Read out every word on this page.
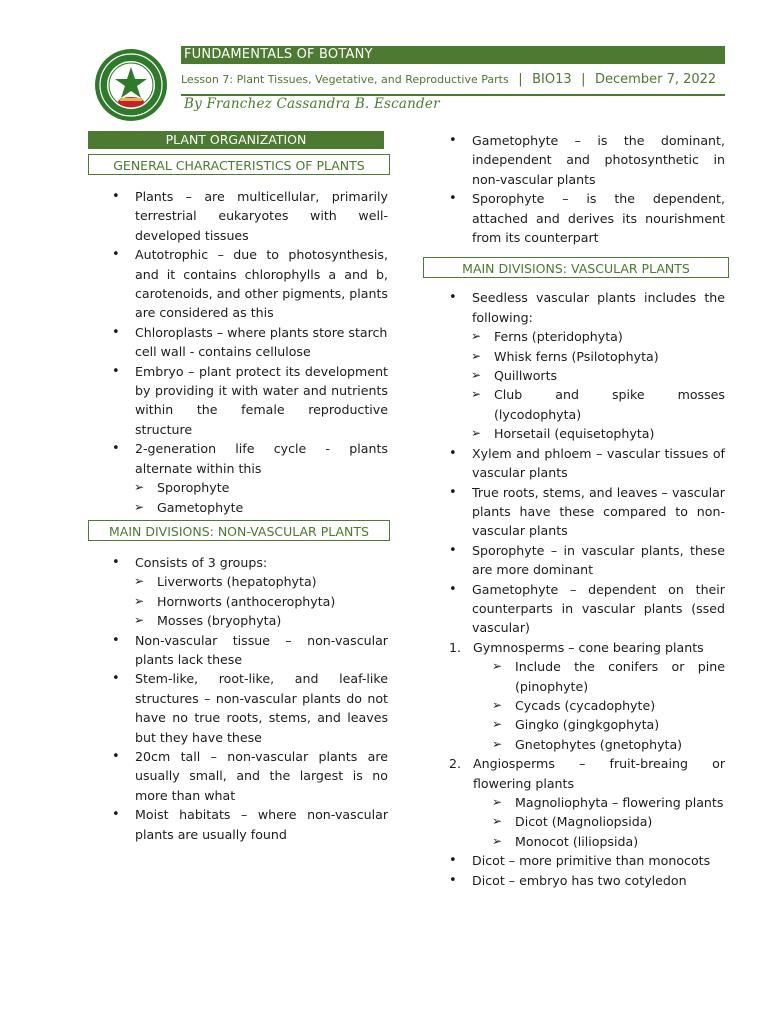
FUNDAMENTALS OF BOTANY
Lesson 7: Plant Tissues, Vegetative, and Reproductive Parts | BIO13 | December 7, 2022
By Franchez Cassandra B. Escander
PLANT ORGANIZATION
GENERAL CHARACTERISTICS OF PLANTS
• Plants – are multicellular, primarily terrestrial eukaryotes with well-developed tissues
• Autotrophic – due to photosynthesis, and it contains chlorophylls a and b, carotenoids, and other pigments, plants are considered as this
• Chloroplasts – where plants store starch
cell wall - contains cellulose
• Embryo – plant protect its development by providing it with water and nutrients within the female reproductive structure
• 2-generation life cycle - plants alternate within this
➢ Sporophyte
➢ Gametophyte
MAIN DIVISIONS: NON-VASCULAR PLANTS
• Consists of 3 groups:
➢ Liverworts (hepatophyta)
➢ Hornworts (anthocerophyta)
➢ Mosses (bryophyta)
• Non-vascular tissue – non-vascular plants lack these
• Stem-like, root-like, and leaf-like structures – non-vascular plants do not have no true roots, stems, and leaves but they have these
• 20cm tall – non-vascular plants are usually small, and the largest is no more than what
• Moist habitats – where non-vascular plants are usually found
• Gametophyte – is the dominant, independent and photosynthetic in non-vascular plants
• Sporophyte – is the dependent, attached and derives its nourishment from its counterpart
MAIN DIVISIONS: VASCULAR PLANTS
• Seedless vascular plants includes the following:
➢ Ferns (pteridophyta)
➢ Whisk ferns (Psilotophyta)
➢ Quillworts
➢ Club and spike mosses (lycodophyta)
➢ Horsetail (equisetophyta)
• Xylem and phloem – vascular tissues of vascular plants
• True roots, stems, and leaves – vascular plants have these compared to non-vascular plants
• Sporophyte – in vascular plants, these are more dominant
• Gametophyte – dependent on their counterparts in vascular plants (ssed vascular)
1. Gymnosperms – cone bearing plants
➢ Include the conifers or pine (pinophyte)
➢ Cycads (cycadophyte)
➢ Gingko (gingkgophyta)
➢ Gnetophytes (gnetophyta)
2. Angiosperms – fruit-breaing or flowering plants
➢ Magnoliophyta – flowering plants
➢ Dicot (Magnoliopsida)
➢ Monocot (liliopsida)
• Dicot – more primitive than monocots
• Dicot – embryo has two cotyledon
